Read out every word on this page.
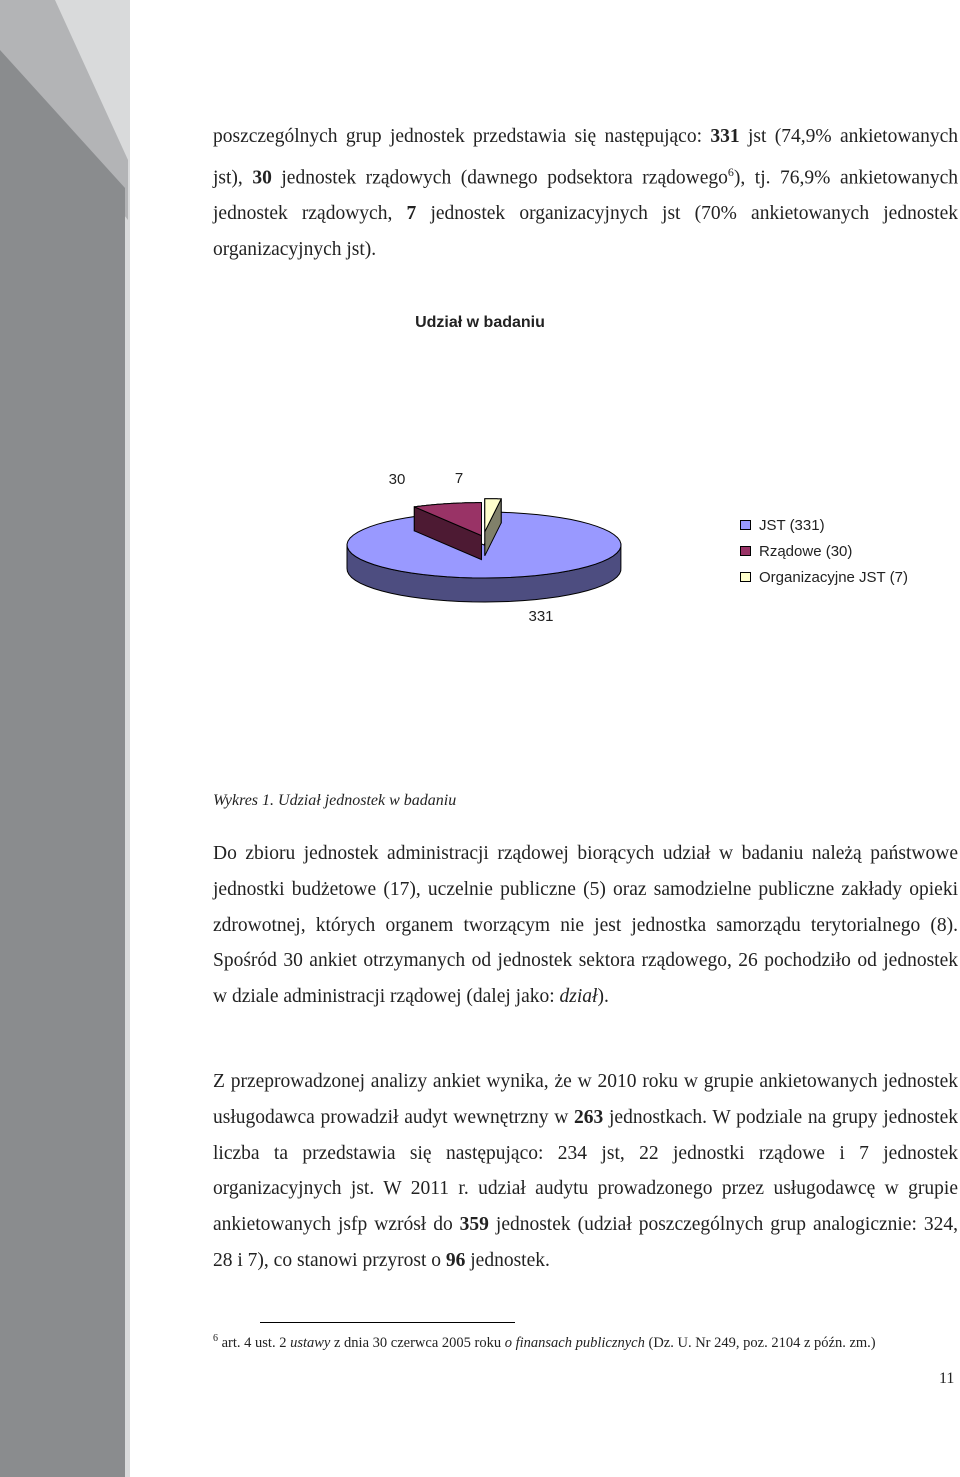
poszczególnych grup jednostek przedstawia się następująco: 331 jst (74,9% ankietowanych jst), 30 jednostek rządowych (dawnego podsektora rządowego$^6$), tj. 76,9% ankietowanych jednostek rządowych, 7 jednostek organizacyjnych jst (70% ankietowanych jednostek organizacyjnych jst).

Udział w badaniu
331
30	7
JST (331)
Rządowe (30)
Organizacyjne JST (7)
Wykres 1. Udział jednostek w badaniu

Do zbioru jednostek administracji rządowej biorących udział w badaniu należą państwowe jednostki budżetowe (17), uczelnie publiczne (5) oraz samodzielne publiczne zakłady opieki zdrowotnej, których organem tworzącym nie jest jednostka samorządu terytorialnego (8). Spośród 30 ankiet otrzymanych od jednostek sektora rządowego, 26 pochodziło od jednostek w dziale administracji rządowej (dalej jako: dział).

Z przeprowadzonej analizy ankiet wynika, że w 2010 roku w grupie ankietowanych jednostek usługodawca prowadził audyt wewnętrzny w 263 jednostkach. W podziale na grupy jednostek liczba ta przedstawia się następująco: 234 jst, 22 jednostki rządowe i 7 jednostek organizacyjnych jst. W 2011 r. udział audytu prowadzonego przez usługodawcę w grupie ankietowanych jsfp wzrósł do 359 jednostek (udział poszczególnych grup analogicznie: 324, 28 i 7), co stanowi przyrost o 96 jednostek.

$^6$ art. 4 ust. 2 ustawy z dnia 30 czerwca 2005 roku o finansach publicznych (Dz. U. Nr 249, poz. 2104 z późn. zm.)
11
